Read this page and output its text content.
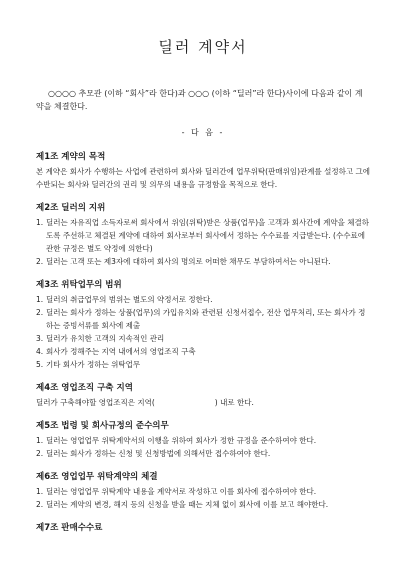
딜러 계약서

○○○○ 추모관 (이하 “회사”라 한다)과 ○○○ (이하 “딜러”라 한다)사이에 다음과 같이 계약을 체결한다.

- 다 음 -
제1조 계약의 목적

본 계약은 회사가 수행하는 사업에 관련하여 회사와 딜러간에 업무위탁(판매위임)관계를 설정하고 그에 수반되는 회사와 딜러간의 권리 및 의무의 내용을 규정함을 목적으로 한다.

제2조 딜러의 지위
1. 딜러는 자유직업 소득자로써 회사에서 위임(위탁)받은 상품(업무)을 고객과 회사간에 계약을 체결하도록 주선하고 체결된 계약에 대하여 회사로부터 회사에서 정하는 수수료를 지급받는다. (수수료에 관한 규정은 별도 약정에 의한다)
2. 딜러는 고객 또는 제3자에 대하여 회사의 명의로 어떠한 채무도 부담하여서는 아니된다.
제3조 위탁업무의 범위
1. 딜러의 취급업무의 범위는 별도의 약정서로 정한다.
2. 딜러는 회사가 정하는 상품(업무)의 가입유치와 관련된 신청서접수, 전산 업무처리, 또는 회사가 정하는 증빙서류를 회사에 제출
3. 딜러가 유치한 고객의 지속적인 관리
4. 회사가 정해주는 지역 내에서의 영업조직 구축
5. 기타 회사가 정하는 위탁업무
제4조 영업조직 구축 지역

딜러가 구축해야할 영업조직은 지역(	) 내로 한다.

제5조 법령 및 회사규정의 준수의무
1. 딜러는 영업업무 위탁계약서의 이행을 위하여 회사가 정한 규정을 준수하여야 한다.
2. 딜러는 회사가 정하는 신청 및 신청방법에 의해서만 접수하여야 한다.
제6조 영업업무 위탁계약의 체결
1. 딜러는 영업업무 위탁계약 내용을 계약서로 작성하고 이를 회사에 접수하여야 한다.
2. 딜러는 계약의 변경, 해지 등의 신청을 받을 때는 지체 없이 회사에 이를 보고 해야한다.
제7조 판매수수료
